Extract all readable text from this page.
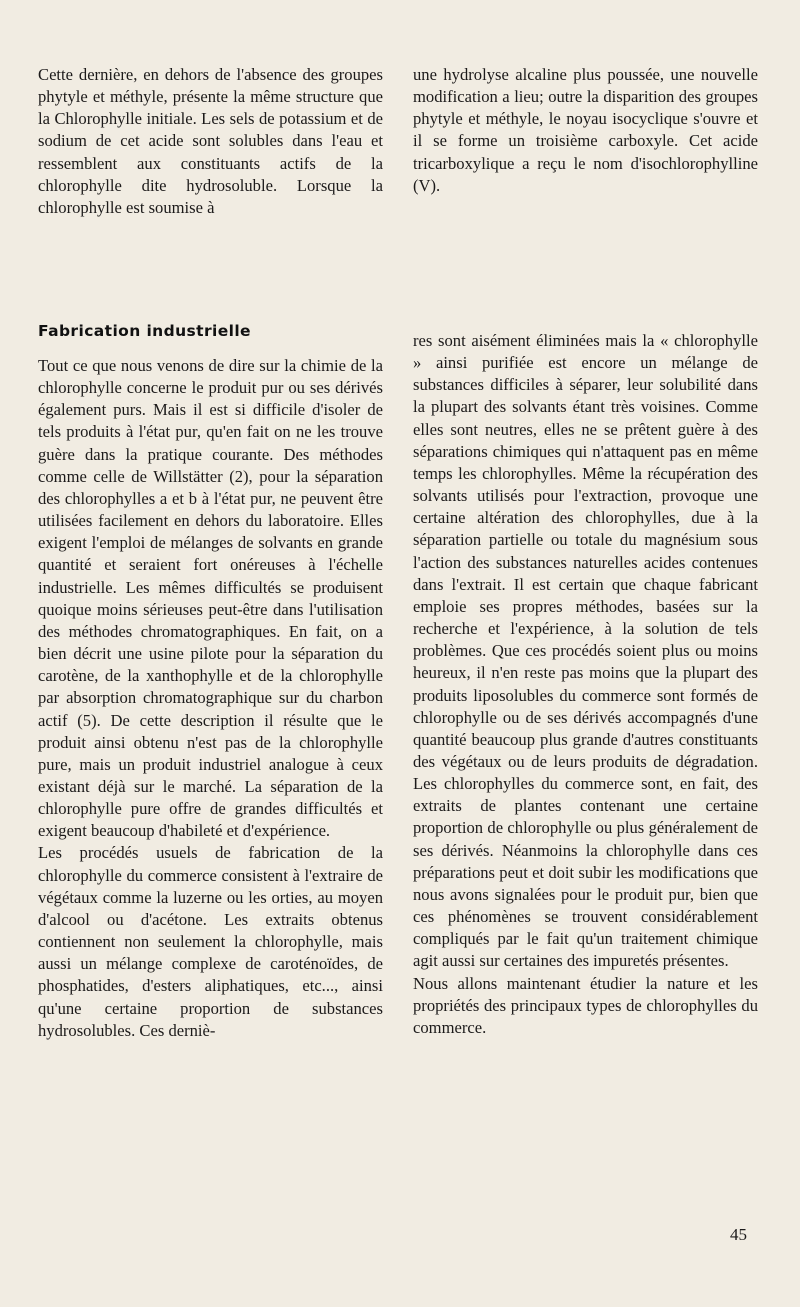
Cette dernière, en dehors de l'absence des groupes phytyle et méthyle, présente la même structure que la Chlorophylle initiale. Les sels de potassium et de sodium de cet acide sont solubles dans l'eau et ressemblent aux constituants actifs de la chlorophylle dite hydrosoluble. Lorsque la chlorophylle est soumise à

une hydrolyse alcaline plus poussée, une nouvelle modification a lieu; outre la disparition des groupes phytyle et méthyle, le noyau isocyclique s'ouvre et il se forme un troisième carboxyle. Cet acide tricarboxylique a reçu le nom d'isochlorophylline (V).

Fabrication industrielle

Tout ce que nous venons de dire sur la chimie de la chlorophylle concerne le produit pur ou ses dérivés également purs. Mais il est si difficile d'isoler de tels produits à l'état pur, qu'en fait on ne les trouve guère dans la pratique courante. Des méthodes comme celle de Willstätter (2), pour la séparation des chlorophylles a et b à l'état pur, ne peuvent être utilisées facilement en dehors du laboratoire. Elles exigent l'emploi de mélanges de solvants en grande quantité et seraient fort onéreuses à l'échelle industrielle. Les mêmes difficultés se produisent quoique moins sérieuses peut-être dans l'utilisation des méthodes chromatographiques. En fait, on a bien décrit une usine pilote pour la séparation du carotène, de la xanthophylle et de la chlorophylle par absorption chromatographique sur du charbon actif (5). De cette description il résulte que le produit ainsi obtenu n'est pas de la chlorophylle pure, mais un produit industriel analogue à ceux existant déjà sur le marché. La séparation de la chlorophylle pure offre de grandes difficultés et exigent beaucoup d'habileté et d'expérience.

Les procédés usuels de fabrication de la chlorophylle du commerce consistent à l'extraire de végétaux comme la luzerne ou les orties, au moyen d'alcool ou d'acétone. Les extraits obtenus contiennent non seulement la chlorophylle, mais aussi un mélange complexe de caroténoïdes, de phosphatides, d'esters aliphatiques, etc..., ainsi qu'une certaine proportion de substances hydrosolubles. Ces derniè-

res sont aisément éliminées mais la « chlorophylle » ainsi purifiée est encore un mélange de substances difficiles à séparer, leur solubilité dans la plupart des solvants étant très voisines. Comme elles sont neutres, elles ne se prêtent guère à des séparations chimiques qui n'attaquent pas en même temps les chlorophylles. Même la récupération des solvants utilisés pour l'extraction, provoque une certaine altération des chlorophylles, due à la séparation partielle ou totale du magnésium sous l'action des substances naturelles acides contenues dans l'extrait. Il est certain que chaque fabricant emploie ses propres méthodes, basées sur la recherche et l'expérience, à la solution de tels problèmes. Que ces procédés soient plus ou moins heureux, il n'en reste pas moins que la plupart des produits liposolubles du commerce sont formés de chlorophylle ou de ses dérivés accompagnés d'une quantité beaucoup plus grande d'autres constituants des végétaux ou de leurs produits de dégradation. Les chlorophylles du commerce sont, en fait, des extraits de plantes contenant une certaine proportion de chlorophylle ou plus généralement de ses dérivés. Néanmoins la chlorophylle dans ces préparations peut et doit subir les modifications que nous avons signalées pour le produit pur, bien que ces phénomènes se trouvent considérablement compliqués par le fait qu'un traitement chimique agit aussi sur certaines des impuretés présentes.

Nous allons maintenant étudier la nature et les propriétés des principaux types de chlorophylles du commerce.

45
